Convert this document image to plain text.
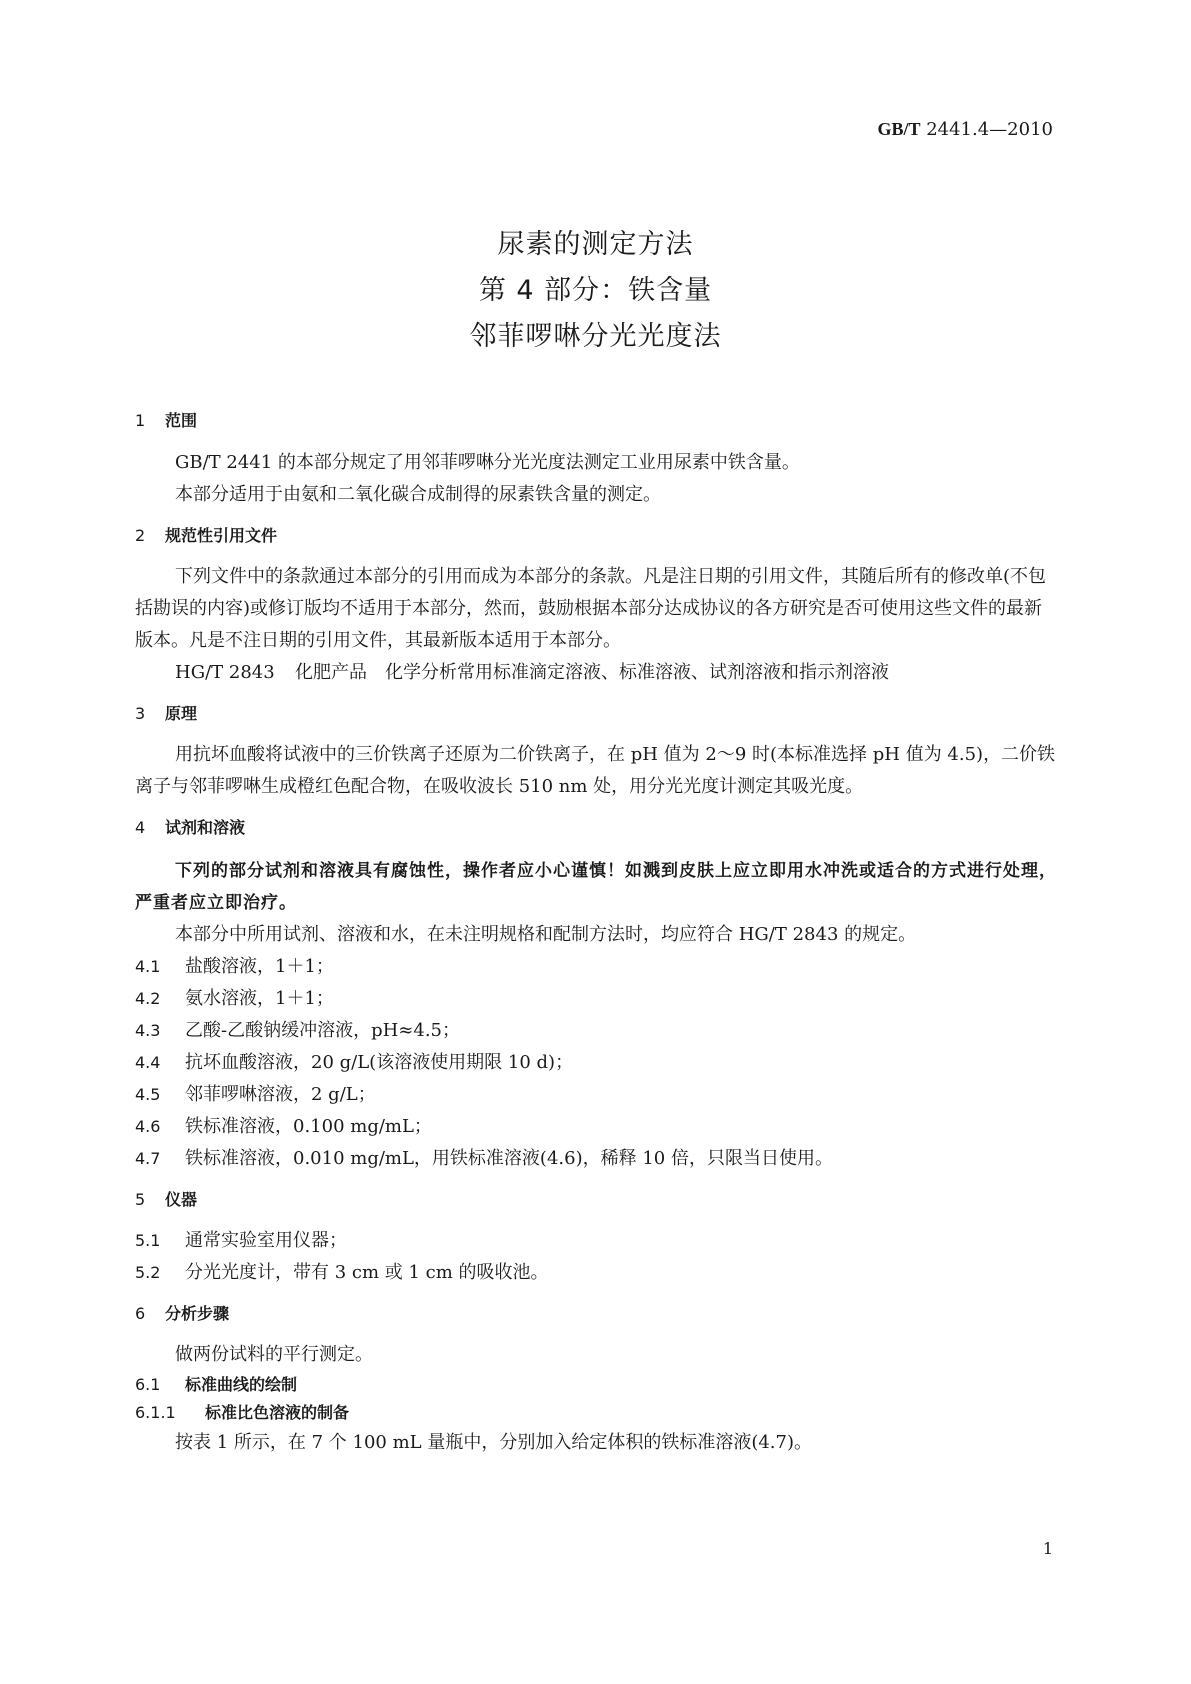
GB/T 2441.4—2010
尿素的测定方法
第 4 部分：铁含量
邻菲啰啉分光光度法
1 范围

GB/T 2441 的本部分规定了用邻菲啰啉分光光度法测定工业用尿素中铁含量。

本部分适用于由氨和二氧化碳合成制得的尿素铁含量的测定。

2 规范性引用文件

下列文件中的条款通过本部分的引用而成为本部分的条款。凡是注日期的引用文件，其随后所有的修改单(不包括勘误的内容)或修订版均不适用于本部分，然而，鼓励根据本部分达成协议的各方研究是否可使用这些文件的最新版本。凡是不注日期的引用文件，其最新版本适用于本部分。

HG/T 2843 化肥产品　化学分析常用标准滴定溶液、标准溶液、试剂溶液和指示剂溶液

3 原理

用抗坏血酸将试液中的三价铁离子还原为二价铁离子，在 pH 值为 2～9 时(本标准选择 pH 值为 4.5)，二价铁离子与邻菲啰啉生成橙红色配合物，在吸收波长 510 nm 处，用分光光度计测定其吸光度。

4 试剂和溶液

下列的部分试剂和溶液具有腐蚀性，操作者应小心谨慎！如溅到皮肤上应立即用水冲洗或适合的方式进行处理，严重者应立即治疗。

本部分中所用试剂、溶液和水，在未注明规格和配制方法时，均应符合 HG/T 2843 的规定。

4.1 盐酸溶液，1＋1；

4.2 氨水溶液，1＋1；

4.3 乙酸-乙酸钠缓冲溶液，pH≈4.5；

4.4 抗坏血酸溶液，20 g/L(该溶液使用期限 10 d)；

4.5 邻菲啰啉溶液，2 g/L；

4.6 铁标准溶液，0.100 mg/mL；

4.7 铁标准溶液，0.010 mg/mL，用铁标准溶液(4.6)，稀释 10 倍，只限当日使用。

5 仪器

5.1 通常实验室用仪器；

5.2 分光光度计，带有 3 cm 或 1 cm 的吸收池。

6 分析步骤

做两份试料的平行测定。

6.1 标准曲线的绘制

6.1.1 标准比色溶液的制备

按表 1 所示，在 7 个 100 mL 量瓶中，分别加入给定体积的铁标准溶液(4.7)。

1
